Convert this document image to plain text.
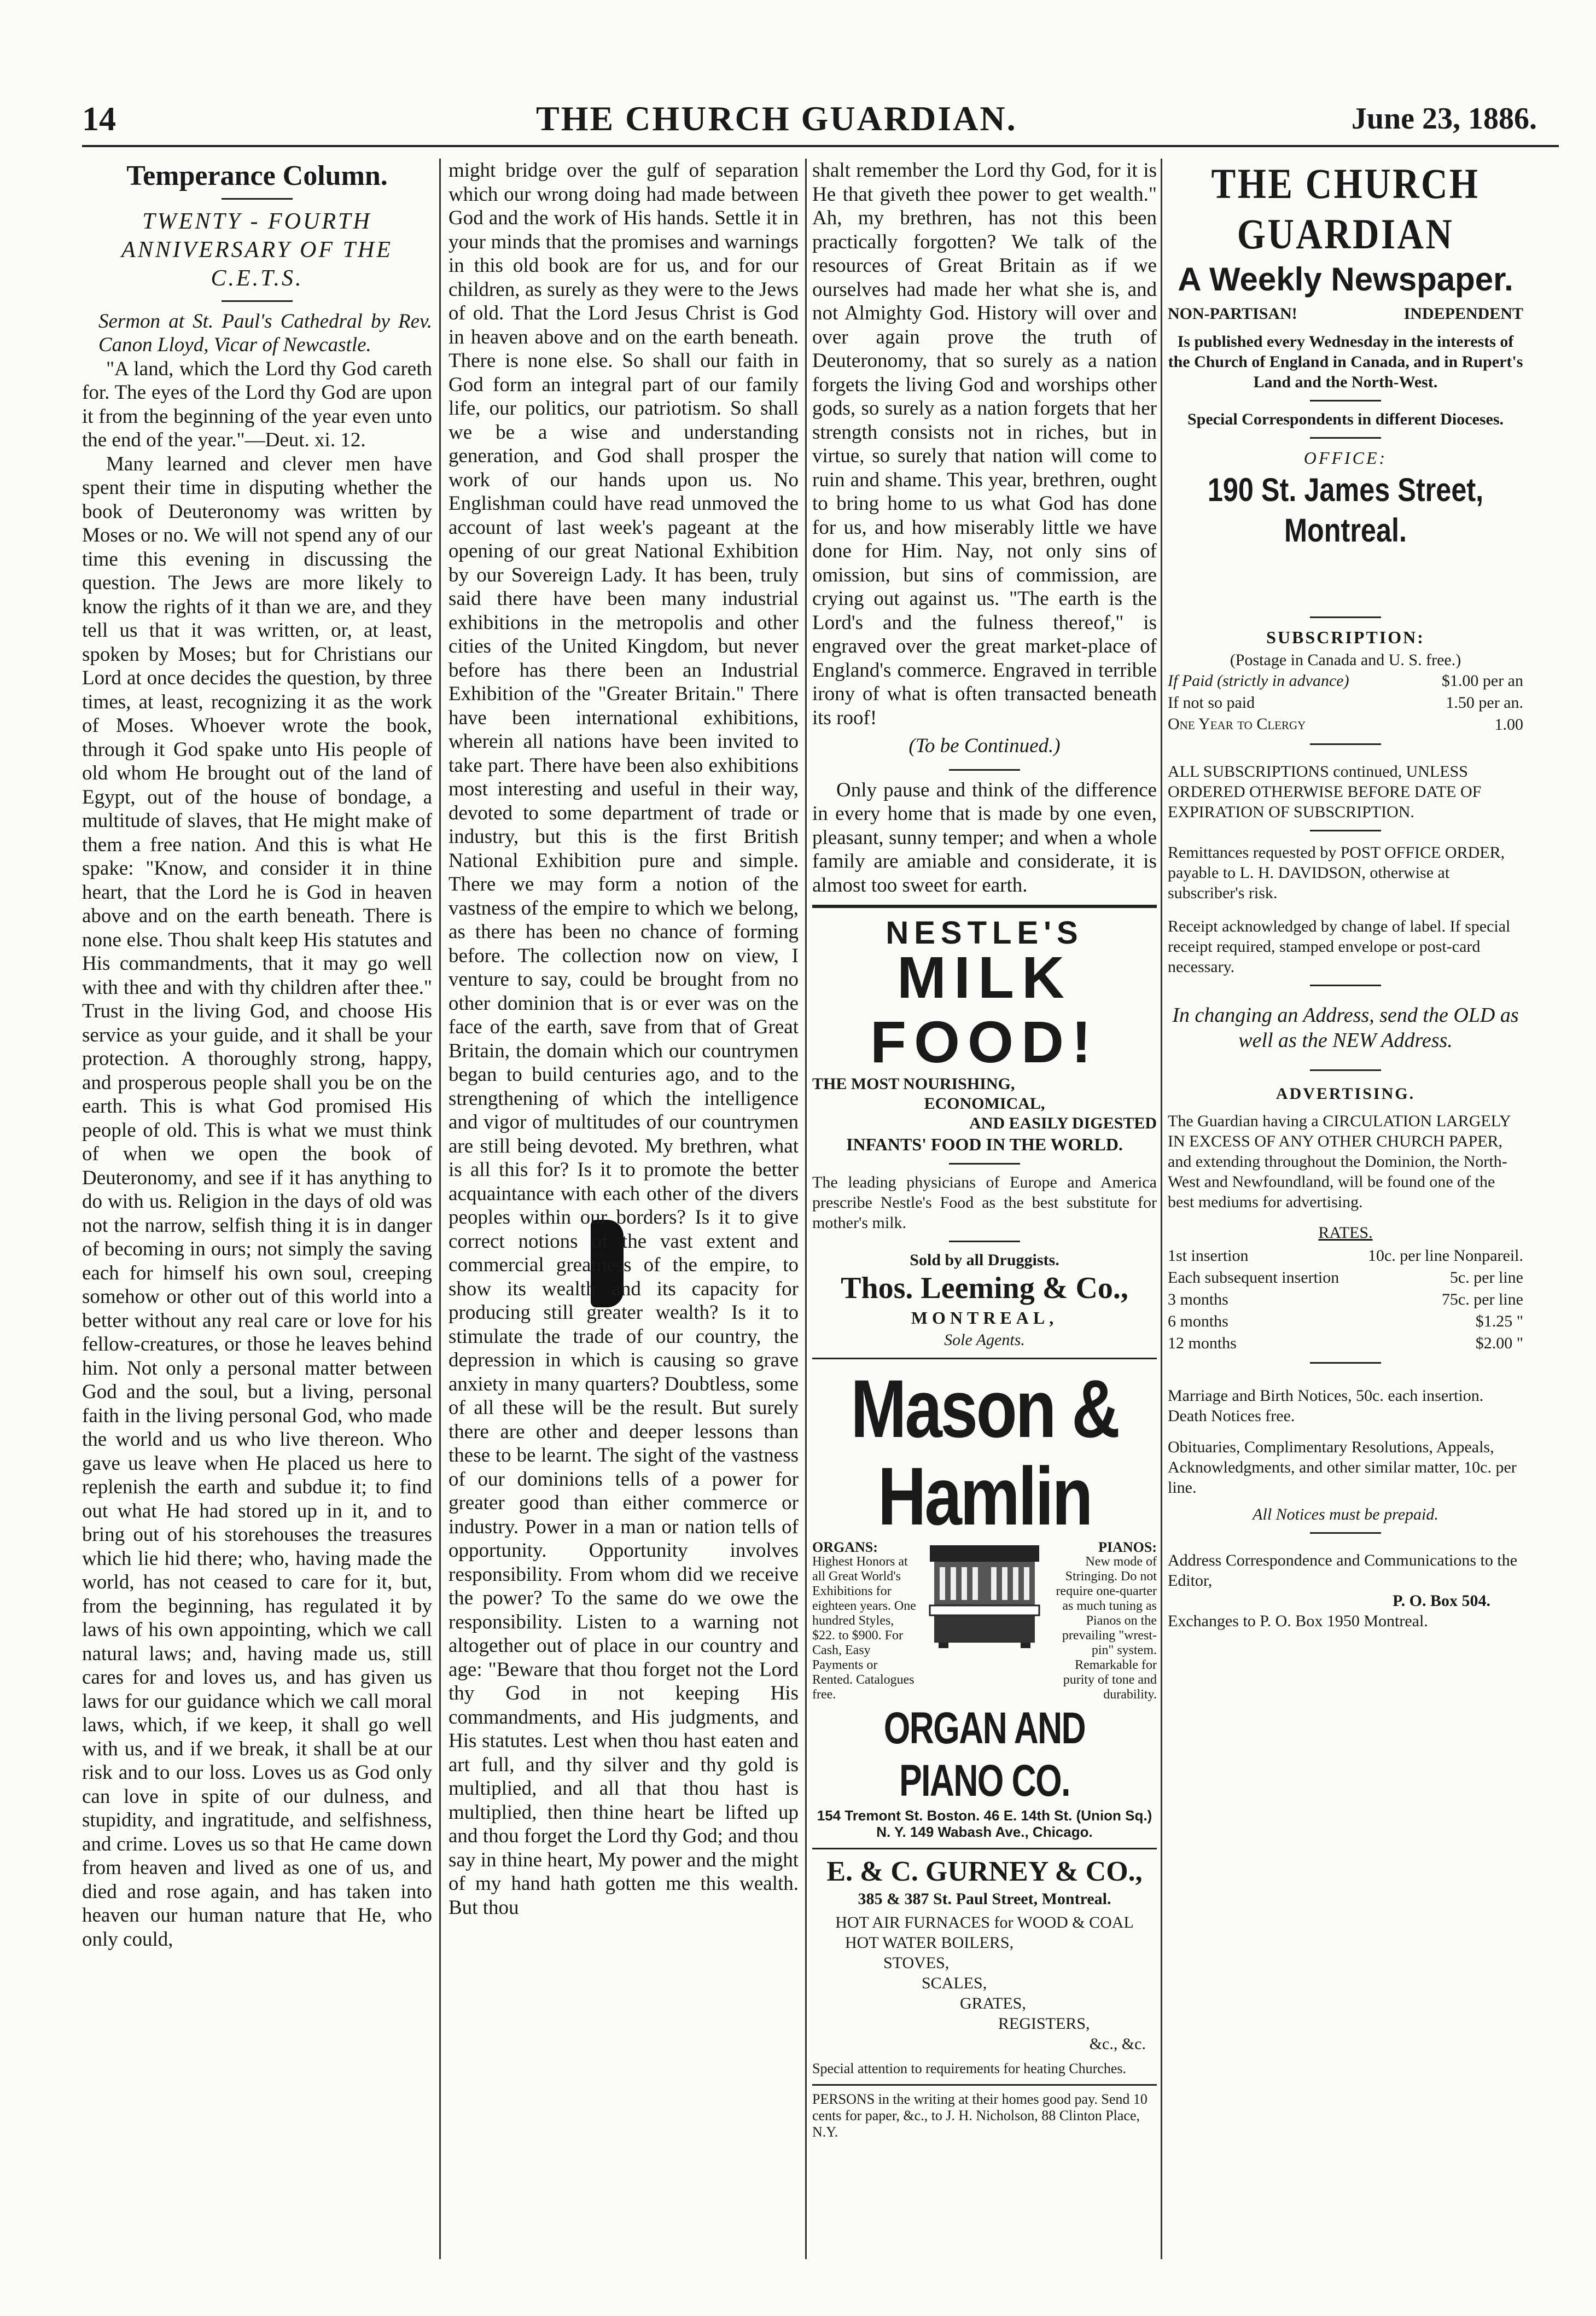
14	THE CHURCH GUARDIAN.	June 23, 1886.
Temperance Column.
TWENTY - FOURTH ANNIVERSARY OF THE C.E.T.S.

Sermon at St. Paul's Cathedral by Rev. Canon Lloyd, Vicar of Newcastle.

"A land, which the Lord thy God careth for. The eyes of the Lord thy God are upon it from the beginning of the year even unto the end of the year."—Deut. xi. 12.

Many learned and clever men have spent their time in disputing whether the book of Deuteronomy was written by Moses or no. We will not spend any of our time this evening in discussing the question. The Jews are more likely to know the rights of it than we are, and they tell us that it was written, or, at least, spoken by Moses; but for Christians our Lord at once decides the question, by three times, at least, recognizing it as the work of Moses. Whoever wrote the book, through it God spake unto His people of old whom He brought out of the land of Egypt, out of the house of bondage, a multitude of slaves, that He might make of them a free nation. And this is what He spake: "Know, and consider it in thine heart, that the Lord he is God in heaven above and on the earth beneath. There is none else. Thou shalt keep His statutes and His commandments, that it may go well with thee and with thy children after thee." Trust in the living God, and choose His service as your guide, and it shall be your protection. A thoroughly strong, happy, and prosperous people shall you be on the earth. This is what God promised His people of old. This is what we must think of when we open the book of Deuteronomy, and see if it has anything to do with us. Religion in the days of old was not the narrow, selfish thing it is in danger of becoming in ours; not simply the saving each for himself his own soul, creeping somehow or other out of this world into a better without any real care or love for his fellow-creatures, or those he leaves behind him. Not only a personal matter between God and the soul, but a living, personal faith in the living personal God, who made the world and us who live thereon. Who gave us leave when He placed us here to replenish the earth and subdue it; to find out what He had stored up in it, and to bring out of his storehouses the treasures which lie hid there; who, having made the world, has not ceased to care for it, but, from the beginning, has regulated it by laws of his own appointing, which we call natural laws; and, having made us, still cares for and loves us, and has given us laws for our guidance which we call moral laws, which, if we keep, it shall go well with us, and if we break, it shall be at our risk and to our loss. Loves us as God only can love in spite of our dulness, and stupidity, and ingratitude, and selfishness, and crime. Loves us so that He came down from heaven and lived as one of us, and died and rose again, and has taken into heaven our human nature that He, who only could,

might bridge over the gulf of separation which our wrong doing had made between God and the work of His hands. Settle it in your minds that the promises and warnings in this old book are for us, and for our children, as surely as they were to the Jews of old. That the Lord Jesus Christ is God in heaven above and on the earth beneath. There is none else. So shall our faith in God form an integral part of our family life, our politics, our patriotism. So shall we be a wise and understanding generation, and God shall prosper the work of our hands upon us. No Englishman could have read unmoved the account of last week's pageant at the opening of our great National Exhibition by our Sovereign Lady. It has been, truly said there have been many industrial exhibitions in the metropolis and other cities of the United Kingdom, but never before has there been an Industrial Exhibition of the "Greater Britain." There have been international exhibitions, wherein all nations have been invited to take part. There have been also exhibitions most interesting and useful in their way, devoted to some department of trade or industry, but this is the first British National Exhibition pure and simple. There we may form a notion of the vastness of the empire to which we belong, as there has been no chance of forming before. The collection now on view, I venture to say, could be brought from no other dominion that is or ever was on the face of the earth, save from that of Great Britain, the domain which our countrymen began to build centuries ago, and to the strengthening of which the intelligence and vigor of multitudes of our countrymen are still being devoted. My brethren, what is all this for? Is it to promote the better acquaintance with each other of the divers peoples within our borders? Is it to give correct notions of the vast extent and commercial greatness of the empire, to show its wealth and its capacity for producing still greater wealth? Is it to stimulate the trade of our country, the depression in which is causing so grave anxiety in many quarters? Doubtless, some of all these will be the result. But surely there are other and deeper lessons than these to be learnt. The sight of the vastness of our dominions tells of a power for greater good than either commerce or industry. Power in a man or nation tells of opportunity. Opportunity involves responsibility. From whom did we receive the power? To the same do we owe the responsibility. Listen to a warning not altogether out of place in our country and age: "Beware that thou forget not the Lord thy God in not keeping His commandments, and His judgments, and His statutes. Lest when thou hast eaten and art full, and thy silver and thy gold is multiplied, and all that thou hast is multiplied, then thine heart be lifted up and thou forget the Lord thy God; and thou say in thine heart, My power and the might of my hand hath gotten me this wealth. But thou

shalt remember the Lord thy God, for it is He that giveth thee power to get wealth." Ah, my brethren, has not this been practically forgotten? We talk of the resources of Great Britain as if we ourselves had made her what she is, and not Almighty God. History will over and over again prove the truth of Deuteronomy, that so surely as a nation forgets the living God and worships other gods, so surely as a nation forgets that her strength consists not in riches, but in virtue, so surely that nation will come to ruin and shame. This year, brethren, ought to bring home to us what God has done for us, and how miserably little we have done for Him. Nay, not only sins of omission, but sins of commission, are crying out against us. "The earth is the Lord's and the fulness thereof," is engraved over the great market-place of England's commerce. Engraved in terrible irony of what is often transacted beneath its roof!

(To be Continued.)

Only pause and think of the difference in every home that is made by one even, pleasant, sunny temper; and when a whole family are amiable and considerate, it is almost too sweet for earth.

NESTLE'S
MILK FOOD!
THE MOST NOURISHING,
ECONOMICAL,
AND EASILY DIGESTED
INFANTS' FOOD IN THE WORLD.
The leading physicians of Europe and America prescribe Nestle's Food as the best substitute for mother's milk.
Sold by all Druggists.
Thos. Leeming & Co.,
MONTREAL,
Sole Agents.
Mason & Hamlin
ORGANS:
Highest Honors at all Great World's Exhibitions for eighteen years. One hundred Styles, $22. to $900. For Cash, Easy Payments or Rented. Catalogues free.
PIANOS:
New mode of Stringing. Do not require one-quarter as much tuning as Pianos on the prevailing "wrest-pin" system. Remarkable for purity of tone and durability.
ORGAN AND PIANO CO.
154 Tremont St. Boston. 46 E. 14th St. (Union Sq.) N. Y. 149 Wabash Ave., Chicago.
E. & C. GURNEY & CO.,
385 & 387 St. Paul Street, Montreal.
HOT AIR FURNACES for WOOD & COAL
HOT WATER BOILERS,
STOVES,
SCALES,
GRATES,
REGISTERS,
&c., &c.
Special attention to requirements for heating Churches.
PERSONS in the writing at their homes good pay. Send 10 cents for paper, &c., to J. H. Nicholson, 88 Clinton Place, N.Y.
THE CHURCH GUARDIAN
A Weekly Newspaper.
NON-PARTISAN!	INDEPENDENT
Is published every Wednesday in the interests of the Church of England in Canada, and in Rupert's Land and the North-West.
Special Correspondents in different Dioceses.
OFFICE:
190 St. James Street, Montreal.
SUBSCRIPTION:
(Postage in Canada and U. S. free.)
If Paid (strictly in advance)	$1.00 per an
If not so paid	1.50 per an.
One Year to Clergy	1.00
ALL SUBSCRIPTIONS continued, UNLESS ORDERED OTHERWISE BEFORE DATE OF EXPIRATION OF SUBSCRIPTION.
Remittances requested by POST OFFICE ORDER, payable to L. H. DAVIDSON, otherwise at subscriber's risk.
Receipt acknowledged by change of label. If special receipt required, stamped envelope or post-card necessary.
In changing an Address, send the OLD as well as the NEW Address.
ADVERTISING.
The Guardian having a CIRCULATION LARGELY IN EXCESS OF ANY OTHER CHURCH PAPER, and extending throughout the Dominion, the North-West and Newfoundland, will be found one of the best mediums for advertising.
RATES.
1st insertion	10c. per line Nonpareil.
Each subsequent insertion	5c. per line
3 months	75c. per line
6 months	$1.25 "
12 months	$2.00 "
Marriage and Birth Notices, 50c. each insertion. Death Notices free.
Obituaries, Complimentary Resolutions, Appeals, Acknowledgments, and other similar matter, 10c. per line.
All Notices must be prepaid.
Address Correspondence and Communications to the Editor,
P. O. Box 504.
Exchanges to P. O. Box 1950 Montreal.
